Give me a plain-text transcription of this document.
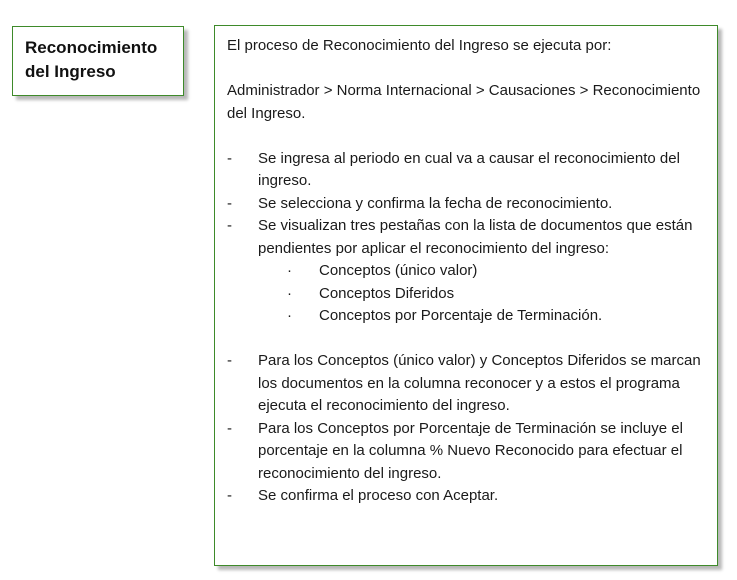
Reconocimiento del Ingreso

El proceso de Reconocimiento del Ingreso se ejecuta por:

Administrador > Norma Internacional > Causaciones > Reconocimiento del Ingreso.

-	Se ingresa al periodo en cual va a causar el reconocimiento del ingreso.
-	Se selecciona y confirma la fecha de reconocimiento.
-	Se visualizan tres pestañas con la lista de documentos que están pendientes por aplicar el reconocimiento del ingreso:
· Conceptos (único valor)
· Conceptos Diferidos
· Conceptos por Porcentaje de Terminación.
-	Para los Conceptos (único valor) y Conceptos Diferidos se marcan los documentos en la columna reconocer y a estos el programa ejecuta el reconocimiento del ingreso.
-	Para los Conceptos por Porcentaje de Terminación se incluye el porcentaje en la columna % Nuevo Reconocido para efectuar el reconocimiento del ingreso.
-	Se confirma el proceso con Aceptar.
